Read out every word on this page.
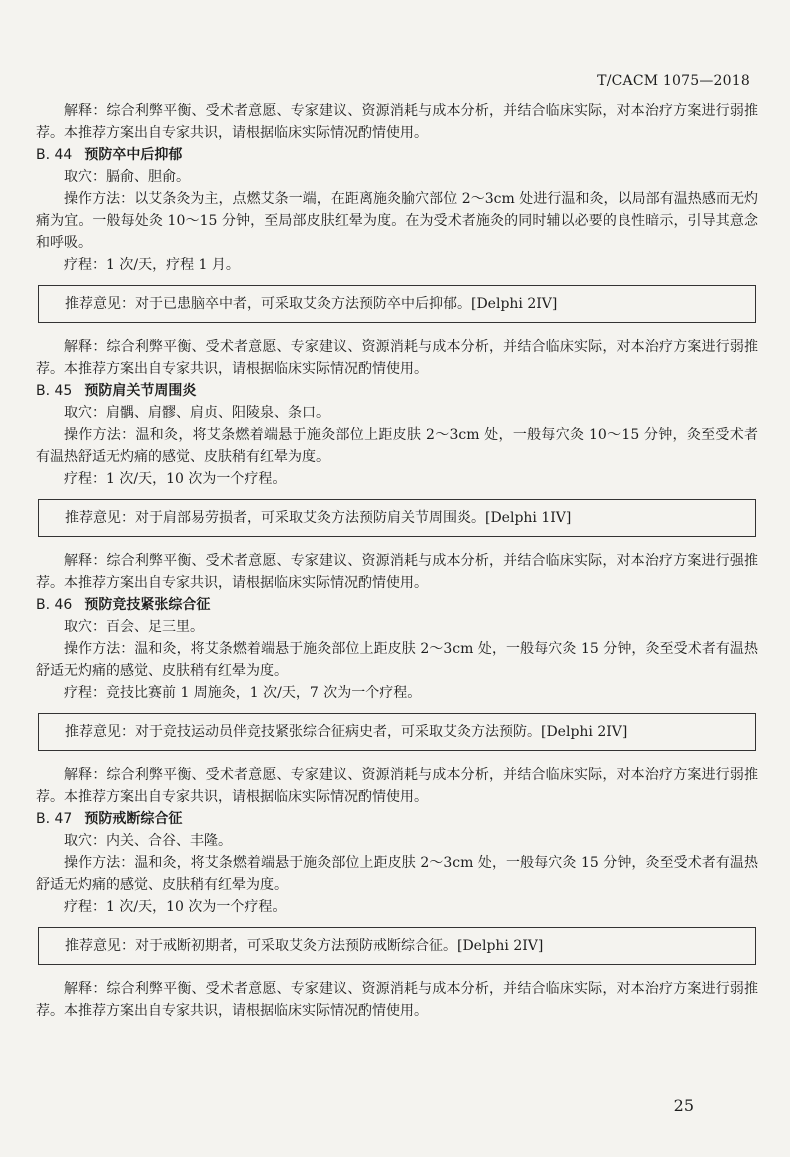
T/CACM 1075—2018

解释：综合利弊平衡、受术者意愿、专家建议、资源消耗与成本分析，并结合临床实际，对本治疗方案进行弱推荐。本推荐方案出自专家共识，请根据临床实际情况酌情使用。

B. 44 预防卒中后抑郁

取穴：膈俞、胆俞。

操作方法：以艾条灸为主，点燃艾条一端，在距离施灸腧穴部位 2～3cm 处进行温和灸，以局部有温热感而无灼痛为宜。一般每处灸 10～15 分钟，至局部皮肤红晕为度。在为受术者施灸的同时辅以必要的良性暗示，引导其意念和呼吸。

疗程：1 次/天，疗程 1 月。

推荐意见：对于已患脑卒中者，可采取艾灸方法预防卒中后抑郁。[Delphi 2IV]

解释：综合利弊平衡、受术者意愿、专家建议、资源消耗与成本分析，并结合临床实际，对本治疗方案进行弱推荐。本推荐方案出自专家共识，请根据临床实际情况酌情使用。

B. 45 预防肩关节周围炎

取穴：肩髃、肩髎、肩贞、阳陵泉、条口。

操作方法：温和灸，将艾条燃着端悬于施灸部位上距皮肤 2～3cm 处，一般每穴灸 10～15 分钟，灸至受术者有温热舒适无灼痛的感觉、皮肤稍有红晕为度。

疗程：1 次/天，10 次为一个疗程。

推荐意见：对于肩部易劳损者，可采取艾灸方法预防肩关节周围炎。[Delphi 1IV]

解释：综合利弊平衡、受术者意愿、专家建议、资源消耗与成本分析，并结合临床实际，对本治疗方案进行强推荐。本推荐方案出自专家共识，请根据临床实际情况酌情使用。

B. 46 预防竞技紧张综合征

取穴：百会、足三里。

操作方法：温和灸，将艾条燃着端悬于施灸部位上距皮肤 2～3cm 处，一般每穴灸 15 分钟，灸至受术者有温热舒适无灼痛的感觉、皮肤稍有红晕为度。

疗程：竞技比赛前 1 周施灸，1 次/天，7 次为一个疗程。

推荐意见：对于竞技运动员伴竞技紧张综合征病史者，可采取艾灸方法预防。[Delphi 2IV]

解释：综合利弊平衡、受术者意愿、专家建议、资源消耗与成本分析，并结合临床实际，对本治疗方案进行弱推荐。本推荐方案出自专家共识，请根据临床实际情况酌情使用。

B. 47 预防戒断综合征

取穴：内关、合谷、丰隆。

操作方法：温和灸，将艾条燃着端悬于施灸部位上距皮肤 2～3cm 处，一般每穴灸 15 分钟，灸至受术者有温热舒适无灼痛的感觉、皮肤稍有红晕为度。

疗程：1 次/天，10 次为一个疗程。

推荐意见：对于戒断初期者，可采取艾灸方法预防戒断综合征。[Delphi 2IV]

解释：综合利弊平衡、受术者意愿、专家建议、资源消耗与成本分析，并结合临床实际，对本治疗方案进行弱推荐。本推荐方案出自专家共识，请根据临床实际情况酌情使用。

25
